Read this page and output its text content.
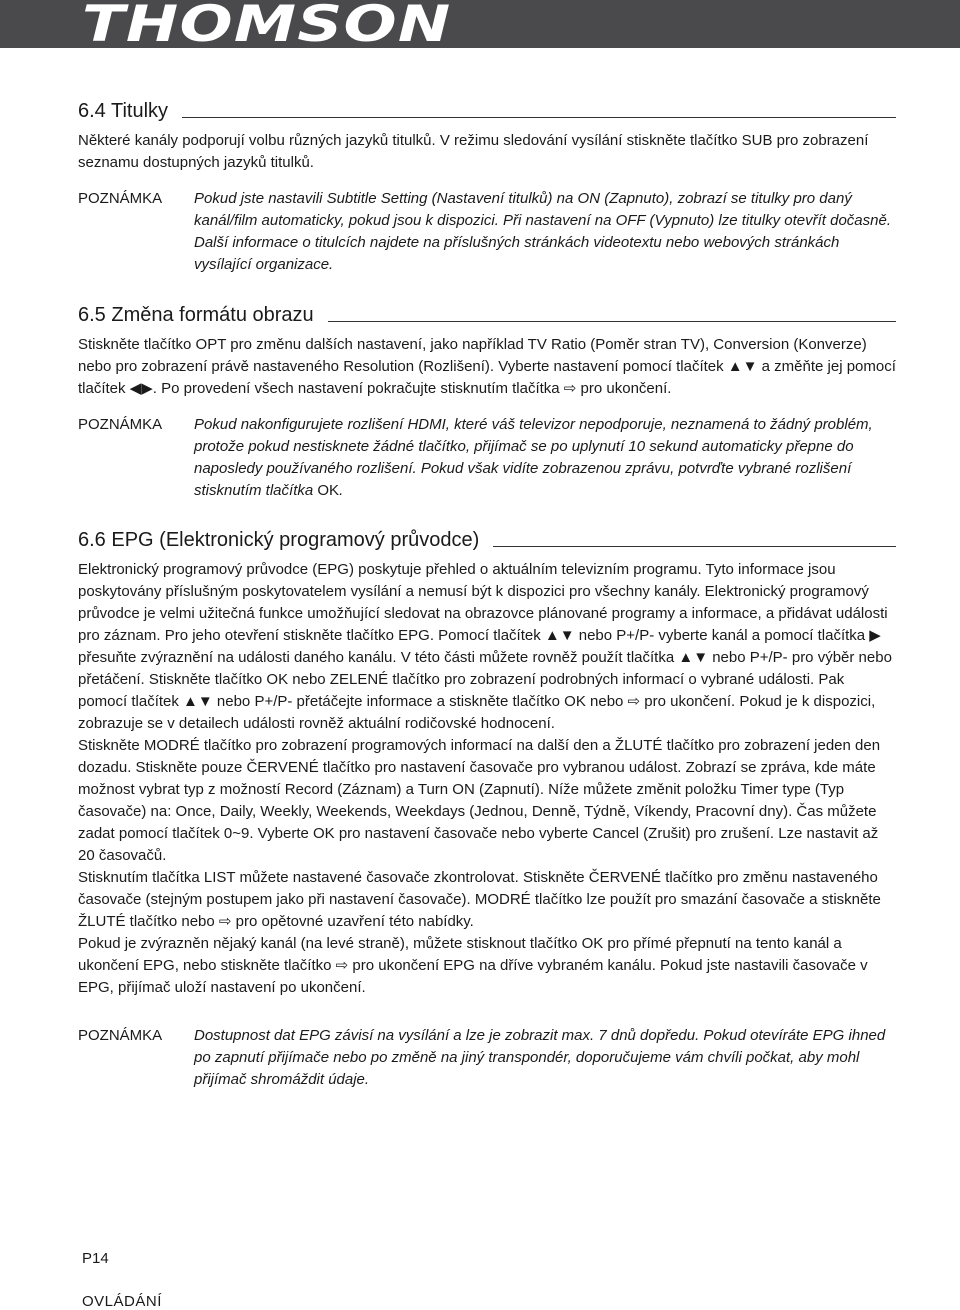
THOMSON
6.4 Titulky

Některé kanály podporují volbu různých jazyků titulků. V režimu sledování vysílání stiskněte tlačítko SUB pro zobrazení seznamu dostupných jazyků titulků.

POZNÁMKA Pokud jste nastavili Subtitle Setting (Nastavení titulků) na ON (Zapnuto), zobrazí se titulky pro daný kanál/film automaticky, pokud jsou k dispozici. Při nastavení na OFF (Vypnuto) lze titulky otevřít dočasně. Další informace o titulcích najdete na příslušných stránkách videotextu nebo webových stránkách vysílající organizace.
6.5 Změna formátu obrazu

Stiskněte tlačítko OPT pro změnu dalších nastavení, jako například TV Ratio (Poměr stran TV), Conversion (Konverze) nebo pro zobrazení právě nastaveného Resolution (Rozlišení). Vyberte nastavení pomocí tlačítek ▲▼ a změňte jej pomocí tlačítek ◀▶. Po provedení všech nastavení pokračujte stisknutím tlačítka ⇨ pro ukončení.

POZNÁMKA Pokud nakonfigurujete rozlišení HDMI, které váš televizor nepodporuje, neznamená to žádný problém, protože pokud nestisknete žádné tlačítko, přijímač se po uplynutí 10 sekund automaticky přepne do naposledy používaného rozlišení. Pokud však vidíte zobrazenou zprávu, potvrďte vybrané rozlišení stisknutím tlačítka OK.
6.6 EPG (Elektronický programový průvodce)

Elektronický programový průvodce (EPG) poskytuje přehled o aktuálním televizním programu. Tyto informace jsou poskytovány příslušným poskytovatelem vysílání a nemusí být k dispozici pro všechny kanály. Elektronický programový průvodce je velmi užitečná funkce umožňující sledovat na obrazovce plánované programy a informace, a přidávat události pro záznam. Pro jeho otevření stiskněte tlačítko EPG. Pomocí tlačítek ▲▼ nebo P+/P- vyberte kanál a pomocí tlačítka ▶ přesuňte zvýraznění na události daného kanálu. V této části můžete rovněž použít tlačítka ▲▼ nebo P+/P- pro výběr nebo přetáčení. Stiskněte tlačítko OK nebo ZELENÉ tlačítko pro zobrazení podrobných informací o vybrané události. Pak pomocí tlačítek ▲▼ nebo P+/P- přetáčejte informace a stiskněte tlačítko OK nebo ⇨ pro ukončení. Pokud je k dispozici, zobrazuje se v detailech události rovněž aktuální rodičovské hodnocení.

Stiskněte MODRÉ tlačítko pro zobrazení programových informací na další den a ŽLUTÉ tlačítko pro zobrazení jeden den dozadu. Stiskněte pouze ČERVENÉ tlačítko pro nastavení časovače pro vybranou událost. Zobrazí se zpráva, kde máte možnost vybrat typ z možností Record (Záznam) a Turn ON (Zapnutí). Níže můžete změnit položku Timer type (Typ časovače) na: Once, Daily, Weekly, Weekends, Weekdays (Jednou, Denně, Týdně, Víkendy, Pracovní dny). Čas můžete zadat pomocí tlačítek 0~9. Vyberte OK pro nastavení časovače nebo vyberte Cancel (Zrušit) pro zrušení. Lze nastavit až 20 časovačů.

Stisknutím tlačítka LIST můžete nastavené časovače zkontrolovat. Stiskněte ČERVENÉ tlačítko pro změnu nastaveného časovače (stejným postupem jako při nastavení časovače). MODRÉ tlačítko lze použít pro smazání časovače a stiskněte ŽLUTÉ tlačítko nebo ⇨ pro opětovné uzavření této nabídky.

Pokud je zvýrazněn nějaký kanál (na levé straně), můžete stisknout tlačítko OK pro přímé přepnutí na tento kanál a ukončení EPG, nebo stiskněte tlačítko ⇨ pro ukončení EPG na dříve vybraném kanálu. Pokud jste nastavili časovače v EPG, přijímač uloží nastavení po ukončení.

POZNÁMKA Dostupnost dat EPG závisí na vysílání a lze je zobrazit max. 7 dnů dopředu. Pokud otevíráte EPG ihned po zapnutí přijímače nebo po změně na jiný transpondér, doporučujeme vám chvíli počkat, aby mohl přijímač shromáždit údaje.
P14
OVLÁDÁNÍ
